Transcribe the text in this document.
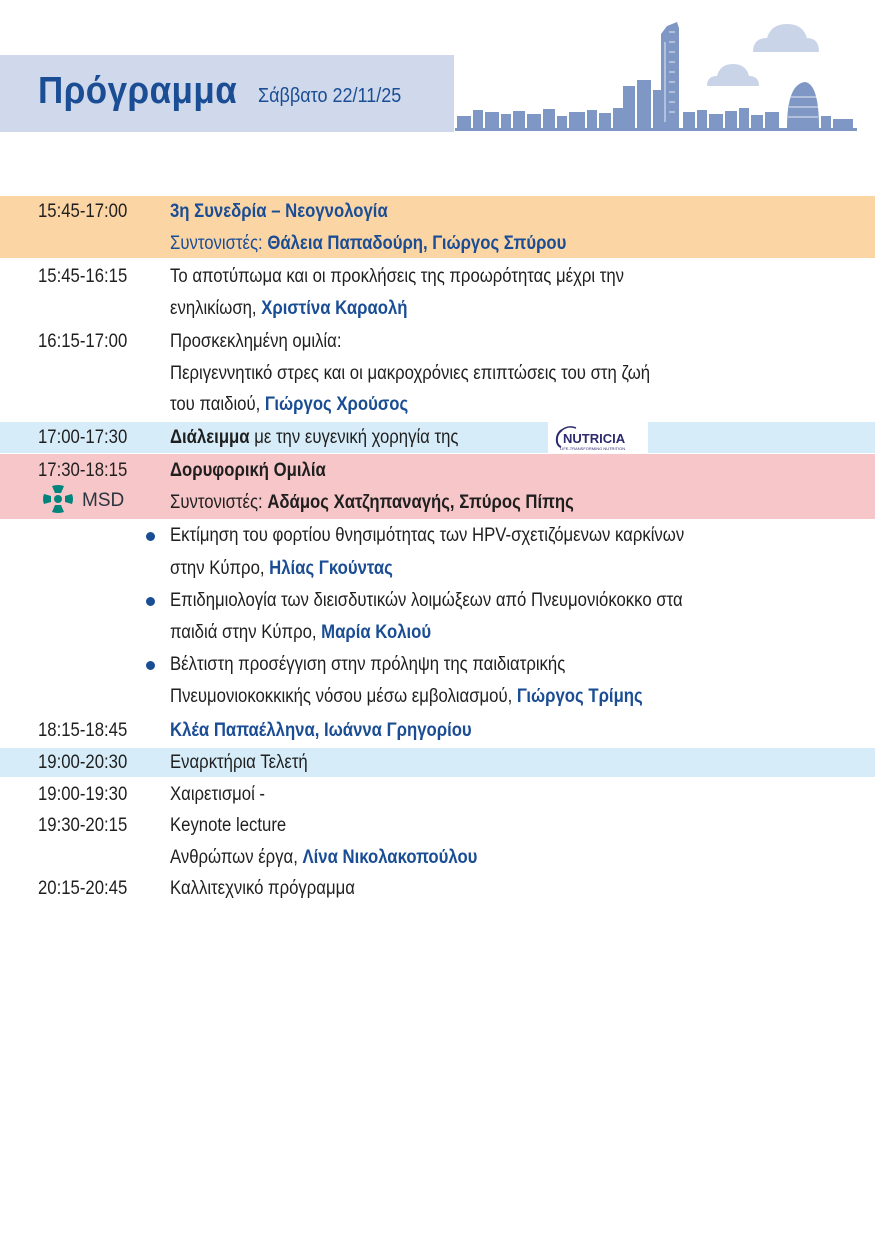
Πρόγραμμα Σάββατο 22/11/25
15:45-17:00 3η Συνεδρία – Νεογνολογία
Συντονιστές: Θάλεια Παπαδούρη, Γιώργος Σπύρου
15:45-16:15 Το αποτύπωμα και οι προκλήσεις της προωρότητας μέχρι την
ενηλικίωση, Χριστίνα Καραολή
16:15-17:00 Προσκεκλημένη ομιλία:
Περιγεννητικό στρες και οι μακροχρόνιες επιπτώσεις του στη ζωή
του παιδιού, Γιώργος Χρούσος
17:00-17:30 Διάλειμμα με την ευγενική χορηγία της	NUTRICIA
LIFE-TRANSFORMING NUTRITION
17:30-18:15 Δορυφορική Ομιλία
MSD Συντονιστές: Αδάμος Χατζηπαναγής, Σπύρος Πίπης
Εκτίμηση του φορτίου θνησιμότητας των HPV-σχετιζόμενων καρκίνων
στην Κύπρο, Ηλίας Γκούντας
Επιδημιολογία των διεισδυτικών λοιμώξεων από Πνευμονιόκοκκο στα
παιδιά στην Κύπρο, Μαρία Κολιού
Βέλτιστη προσέγγιση στην πρόληψη της παιδιατρικής
Πνευμονιοκοκκικής νόσου μέσω εμβολιασμού, Γιώργος Τρίμης
18:15-18:45 Κλέα Παπαέλληνα, Ιωάννα Γρηγορίου
19:00-20:30 Εναρκτήρια Τελετή
19:00-19:30 Χαιρετισμοί -
19:30-20:15 Keynote lecture
Ανθρώπων έργα, Λίνα Νικολακοπούλου
20:15-20:45 Καλλιτεχνικό πρόγραμμα
